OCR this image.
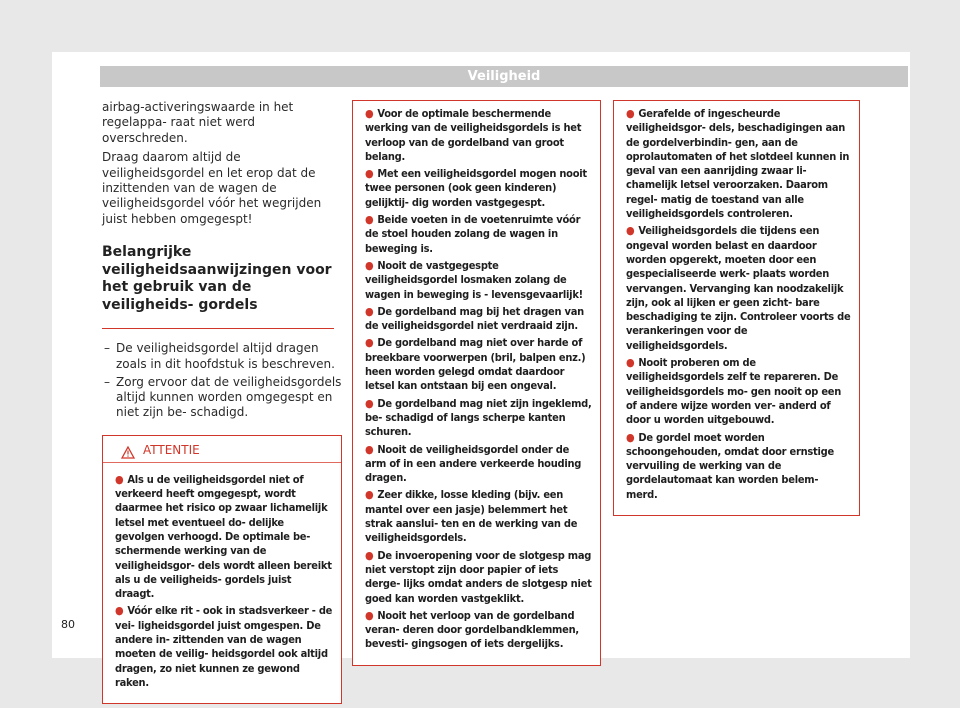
Veiligheid

airbag-activeringswaarde in het regelappa- raat niet werd overschreden.

Draag daarom altijd de veiligheidsgordel en let erop dat de inzittenden van de wagen de veiligheidsgordel vóór het wegrijden juist hebben omgegespt!

Belangrijke veiligheidsaanwijzingen voor het gebruik van de veiligheids- gordels
– De veiligheidsgordel altijd dragen zoals in dit hoofdstuk is beschreven.
– Zorg ervoor dat de veiligheidsgordels altijd kunnen worden omgegespt en niet zijn be- schadigd.
ATTENTIE
● Als u de veiligheidsgordel niet of verkeerd heeft omgegespt, wordt daarmee het risico op zwaar lichamelijk letsel met eventueel do- delijke gevolgen verhoogd. De optimale be- schermende werking van de veiligheidsgor- dels wordt alleen bereikt als u de veiligheids- gordels juist draagt.
● Vóór elke rit - ook in stadsverkeer - de vei- ligheidsgordel juist omgespen. De andere in- zittenden van de wagen moeten de veilig- heidsgordel ook altijd dragen, zo niet kunnen ze gewond raken.
● Voor de optimale beschermende werking van de veiligheidsgordels is het verloop van de gordelband van groot belang.
● Met een veiligheidsgordel mogen nooit twee personen (ook geen kinderen) gelijktij- dig worden vastgegespt.
● Beide voeten in de voetenruimte vóór de stoel houden zolang de wagen in beweging is.
● Nooit de vastgegespte veiligheidsgordel losmaken zolang de wagen in beweging is - levensgevaarlijk!
● De gordelband mag bij het dragen van de veiligheidsgordel niet verdraaid zijn.
● De gordelband mag niet over harde of breekbare voorwerpen (bril, balpen enz.) heen worden gelegd omdat daardoor letsel kan ontstaan bij een ongeval.
● De gordelband mag niet zijn ingeklemd, be- schadigd of langs scherpe kanten schuren.
● Nooit de veiligheidsgordel onder de arm of in een andere verkeerde houding dragen.
● Zeer dikke, losse kleding (bijv. een mantel over een jasje) belemmert het strak aanslui- ten en de werking van de veiligheidsgordels.
● De invoeropening voor de slotgesp mag niet verstopt zijn door papier of iets derge- lijks omdat anders de slotgesp niet goed kan worden vastgeklikt.
● Nooit het verloop van de gordelband veran- deren door gordelbandklemmen, bevesti- gingsogen of iets dergelijks.
● Gerafelde of ingescheurde veiligheidsgor- dels, beschadigingen aan de gordelverbindin- gen, aan de oprolautomaten of het slotdeel kunnen in geval van een aanrijding zwaar li- chamelijk letsel veroorzaken. Daarom regel- matig de toestand van alle veiligheidsgordels controleren.
● Veiligheidsgordels die tijdens een ongeval worden belast en daardoor worden opgerekt, moeten door een gespecialiseerde werk- plaats worden vervangen. Vervanging kan noodzakelijk zijn, ook al lijken er geen zicht- bare beschadiging te zijn. Controleer voorts de verankeringen voor de veiligheidsgordels.
● Nooit proberen om de veiligheidsgordels zelf te repareren. De veiligheidsgordels mo- gen nooit op een of andere wijze worden ver- anderd of door u worden uitgebouwd.
● De gordel moet worden schoongehouden, omdat door ernstige vervuiling de werking van de gordelautomaat kan worden belem- merd.
80
